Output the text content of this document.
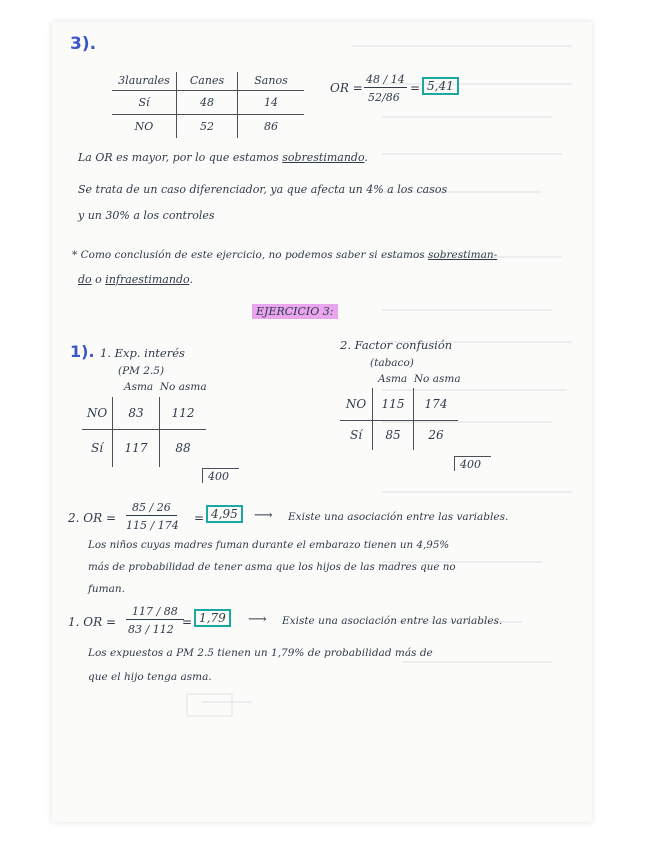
3).
3laurales	Canes	Sanos
Sí	48	14
NO	52	86
OR =
48 / 14
52/86
= 5,41
La OR es mayor, por lo que estamos sobrestimando.
Se trata de un caso diferenciador, ya que afecta un 4% a los casos
y un 30% a los controles
* Como conclusión de este ejercicio, no podemos saber si estamos sobrestiman-
do o infraestimando.
EJERCICIO 3:
1). 1. Exp. interés
(PM 2.5)
Asma  No asma
NO	83	112
Sí	117	88
400
2. Factor confusión
(tabaco)
Asma  No asma
NO	115	174
Sí	85	26
400
2. OR =
85 / 26
115 / 174
= 4,95	⟶ Existe una asociación entre las variables.
Los niños cuyas madres fuman durante el embarazo tienen un 4,95%
más de probabilidad de tener asma que los hijos de las madres que no
fuman.
1. OR =
117 / 88
83 / 112
= 1,79	⟶ Existe una asociación entre las variables.
Los expuestos a PM 2.5 tienen un 1,79% de probabilidad más de
que el hijo tenga asma.
